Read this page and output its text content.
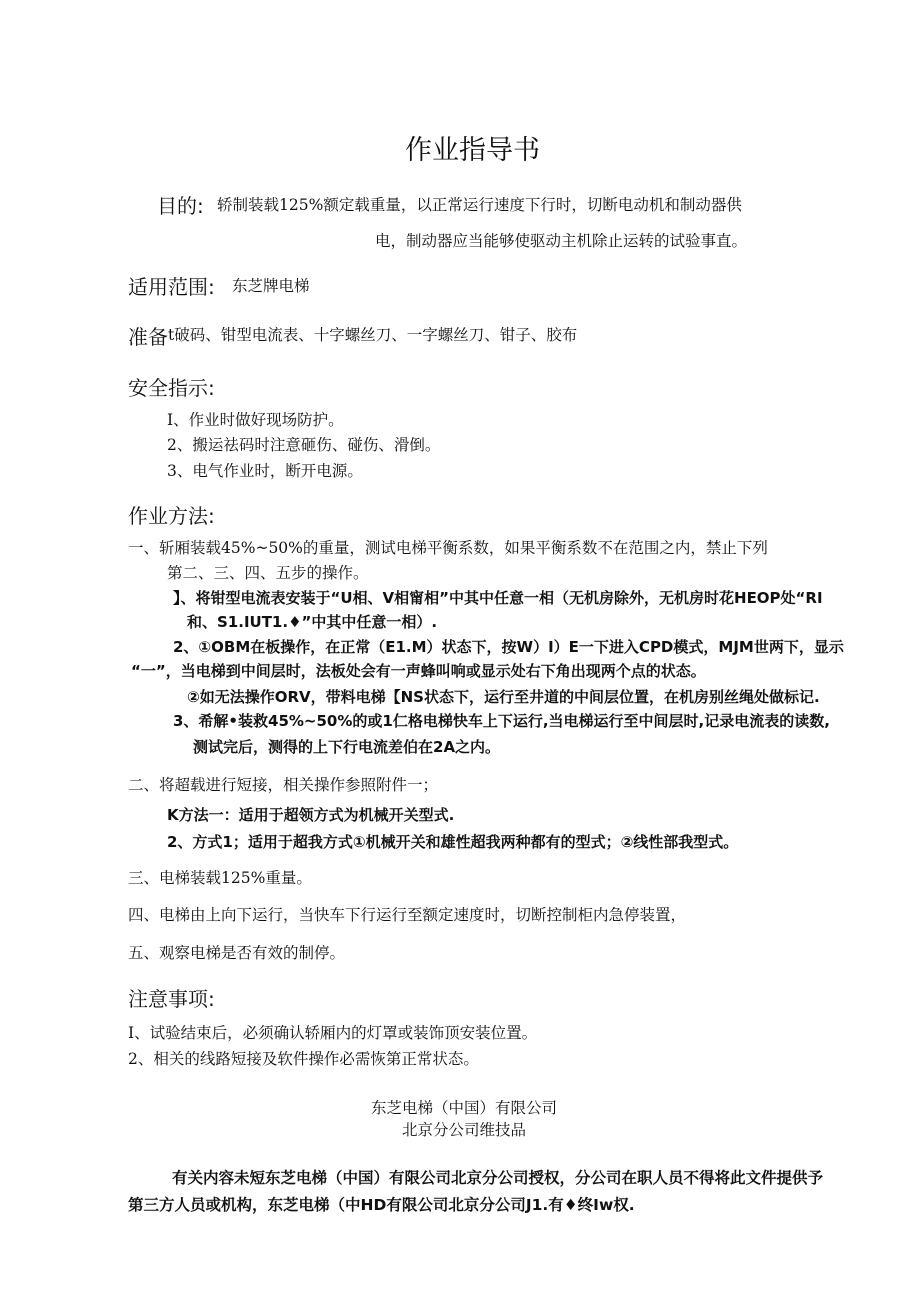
作业指导书
目的: 轿制装载125%额定载重量，以正常运行速度下行时，切断电动机和制动器供
电，制动器应当能够使驱动主机除止运转的试验事直。
适用范围: 东芝牌电梯
准备 t破码、钳型电流表、十字螺丝刀、一字螺丝刀、钳子、胶布
安全指示:
I、作业时做好现场防护。
2、搬运祛码时注意砸伤、碰伤、滑倒。
3、电气作业时，断开电源。
作业方法:
一、斩厢装载45%~50%的重量，测试电梯平衡系数，如果平衡系数不在范围之内，禁止下列
第二、三、四、五步的操作。
】、将钳型电流表安装于“U相、V相甯相”中其中任意一相（无机房除外，无机房时花HEOP处“RI
和、S1.IUT1.♦”中其中任意一相）.
2、①OBM在板操作，在正常（E1.M）状态下，按W）I）E一下进入CPD模式，MJM世两下，显示
“一”，当电梯到中间层时，法板处会有一声蜂叫响或显示处右下角出现两个点的状态。
②如无法操作ORV，带料电梯【NS状态下，运行至井道的中间层位置，在机房别丝绳处做标记.
3、希解•装救45%~50%的或1仁格电梯快车上下运行,当电梯运行至中间层时,记录电流表的读数,
测试完后，测得的上下行电流差伯在2A之内。
二、将超载进行短接，相关操作参照附件一；
K方法一：适用于超领方式为机械开关型式.
2、方式1；适用于超我方式①机械开关和雄性超我两种都有的型式；②线性部我型式。
三、电梯装载125%重量。
四、电梯由上向下运行，当快车下行运行至额定速度时，切断控制柜内急停装置，
五、观察电梯是否有效的制停。
注意事项:
I、试验结束后，必须确认轿厢内的灯罩或装饰顶安装位置。
2、相关的线路短接及软件操作必需恢第正常状态。
东芝电梯（中国）有限公司
北京分公司维技品
有关内容未短东芝电梯（中国）有限公司北京分公司授权，分公司在职人员不得将此文件提供予
第三方人员或机构，东芝电梯（中HD有限公司北京分公司J1.有♦终Iw权.
